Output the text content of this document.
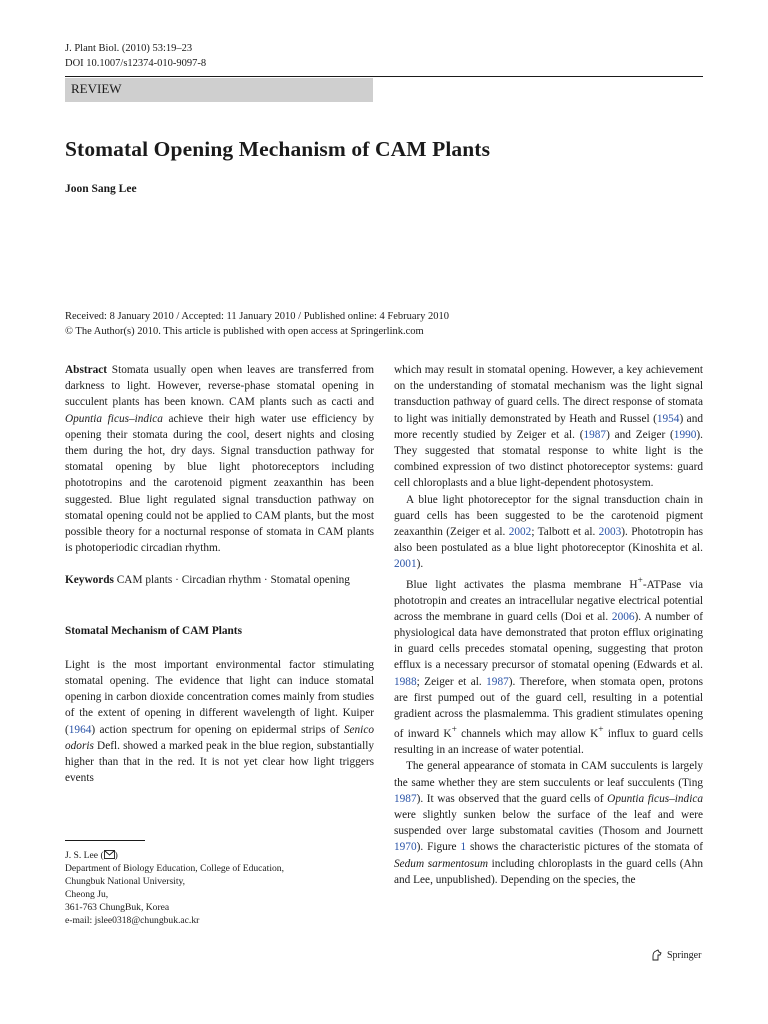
J. Plant Biol. (2010) 53:19–23
DOI 10.1007/s12374-010-9097-8
REVIEW
Stomatal Opening Mechanism of CAM Plants
Joon Sang Lee
Received: 8 January 2010 / Accepted: 11 January 2010 / Published online: 4 February 2010
© The Author(s) 2010. This article is published with open access at Springerlink.com

Abstract Stomata usually open when leaves are transferred from darkness to light. However, reverse-phase stomatal opening in succulent plants has been known. CAM plants such as cacti and Opuntia ficus–indica achieve their high water use efficiency by opening their stomata during the cool, desert nights and closing them during the hot, dry days. Signal transduction pathway for stomatal opening by blue light photoreceptors including phototropins and the carotenoid pigment zeaxanthin has been suggested. Blue light regulated signal transduction pathway on stomatal opening could not be applied to CAM plants, but the most possible theory for a nocturnal response of stomata in CAM plants is photoperiodic circadian rhythm.

Keywords CAM plants · Circadian rhythm · Stomatal opening

Stomatal Mechanism of CAM Plants

Light is the most important environmental factor stimulating stomatal opening. The evidence that light can induce stomatal opening in carbon dioxide concentration comes mainly from studies of the extent of opening in different wavelength of light. Kuiper (1964) action spectrum for opening on epidermal strips of Senico odoris Defl. showed a marked peak in the blue region, substantially higher than that in the red. It is not yet clear how light triggers events

which may result in stomatal opening. However, a key achievement on the understanding of stomatal mechanism was the light signal transduction pathway of guard cells. The direct response of stomata to light was initially demonstrated by Heath and Russel (1954) and more recently studied by Zeiger et al. (1987) and Zeiger (1990). They suggested that stomatal response to white light is the combined expression of two distinct photoreceptor systems: guard cell chloroplasts and a blue light-dependent photosystem.

A blue light photoreceptor for the signal transduction chain in guard cells has been suggested to be the carotenoid pigment zeaxanthin (Zeiger et al. 2002; Talbott et al. 2003). Phototropin has also been postulated as a blue light photoreceptor (Kinoshita et al. 2001).

Blue light activates the plasma membrane H+-ATPase via phototropin and creates an intracellular negative electrical potential across the membrane in guard cells (Doi et al. 2006). A number of physiological data have demonstrated that proton efflux originating in guard cells precedes stomatal opening, suggesting that proton efflux is a necessary precursor of stomatal opening (Edwards et al. 1988; Zeiger et al. 1987). Therefore, when stomata open, protons are first pumped out of the guard cell, resulting in a potential gradient across the plasmalemma. This gradient stimulates opening of inward K+ channels which may allow K+ influx to guard cells resulting in an increase of water potential.

The general appearance of stomata in CAM succulents is largely the same whether they are stem succulents or leaf succulents (Ting 1987). It was observed that the guard cells of Opuntia ficus–indica were slightly sunken below the surface of the leaf and were suspended over large substomatal cavities (Thosom and Journett 1970). Figure 1 shows the characteristic pictures of the stomata of Sedum sarmentosum including chloroplasts in the guard cells (Ahn and Lee, unpublished). Depending on the species, the

J. S. Lee ( )
Department of Biology Education, College of Education,
Chungbuk National University,
Cheong Ju,
361-763 ChungBuk, Korea
e-mail: jslee0318@chungbuk.ac.kr
Springer
